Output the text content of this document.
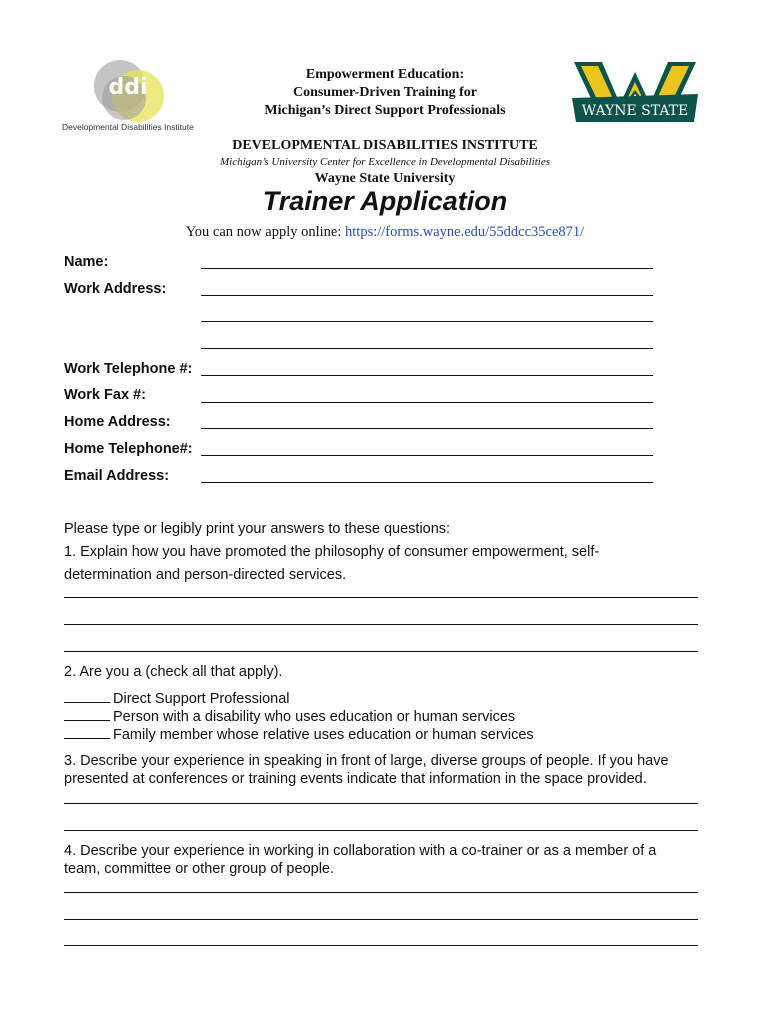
ddi
Developmental Disabilities Institute
Empowerment Education:
Consumer-Driven Training for
Michigan’s Direct Support Professionals	WAYNE STATE
DEVELOPMENTAL DISABILITIES INSTITUTE
Michigan’s University Center for Excellence in Developmental Disabilities
Wayne State University
Trainer Application
You can now apply online: https://forms.wayne.edu/55ddcc35ce871/
Name:
Work Address:
Work Telephone #:
Work Fax #:
Home Address:
Home Telephone#:
Email Address:
Please type or legibly print your answers to these questions:
1. Explain how you have promoted the philosophy of consumer empowerment, self-
determination and person-directed services.
2. Are you a (check all that apply).
Direct Support Professional
Person with a disability who uses education or human services
Family member whose relative uses education or human services
3. Describe your experience in speaking in front of large, diverse groups of people. If you have
presented at conferences or training events indicate that information in the space provided.
4. Describe your experience in working in collaboration with a co-trainer or as a member of a
team, committee or other group of people.
